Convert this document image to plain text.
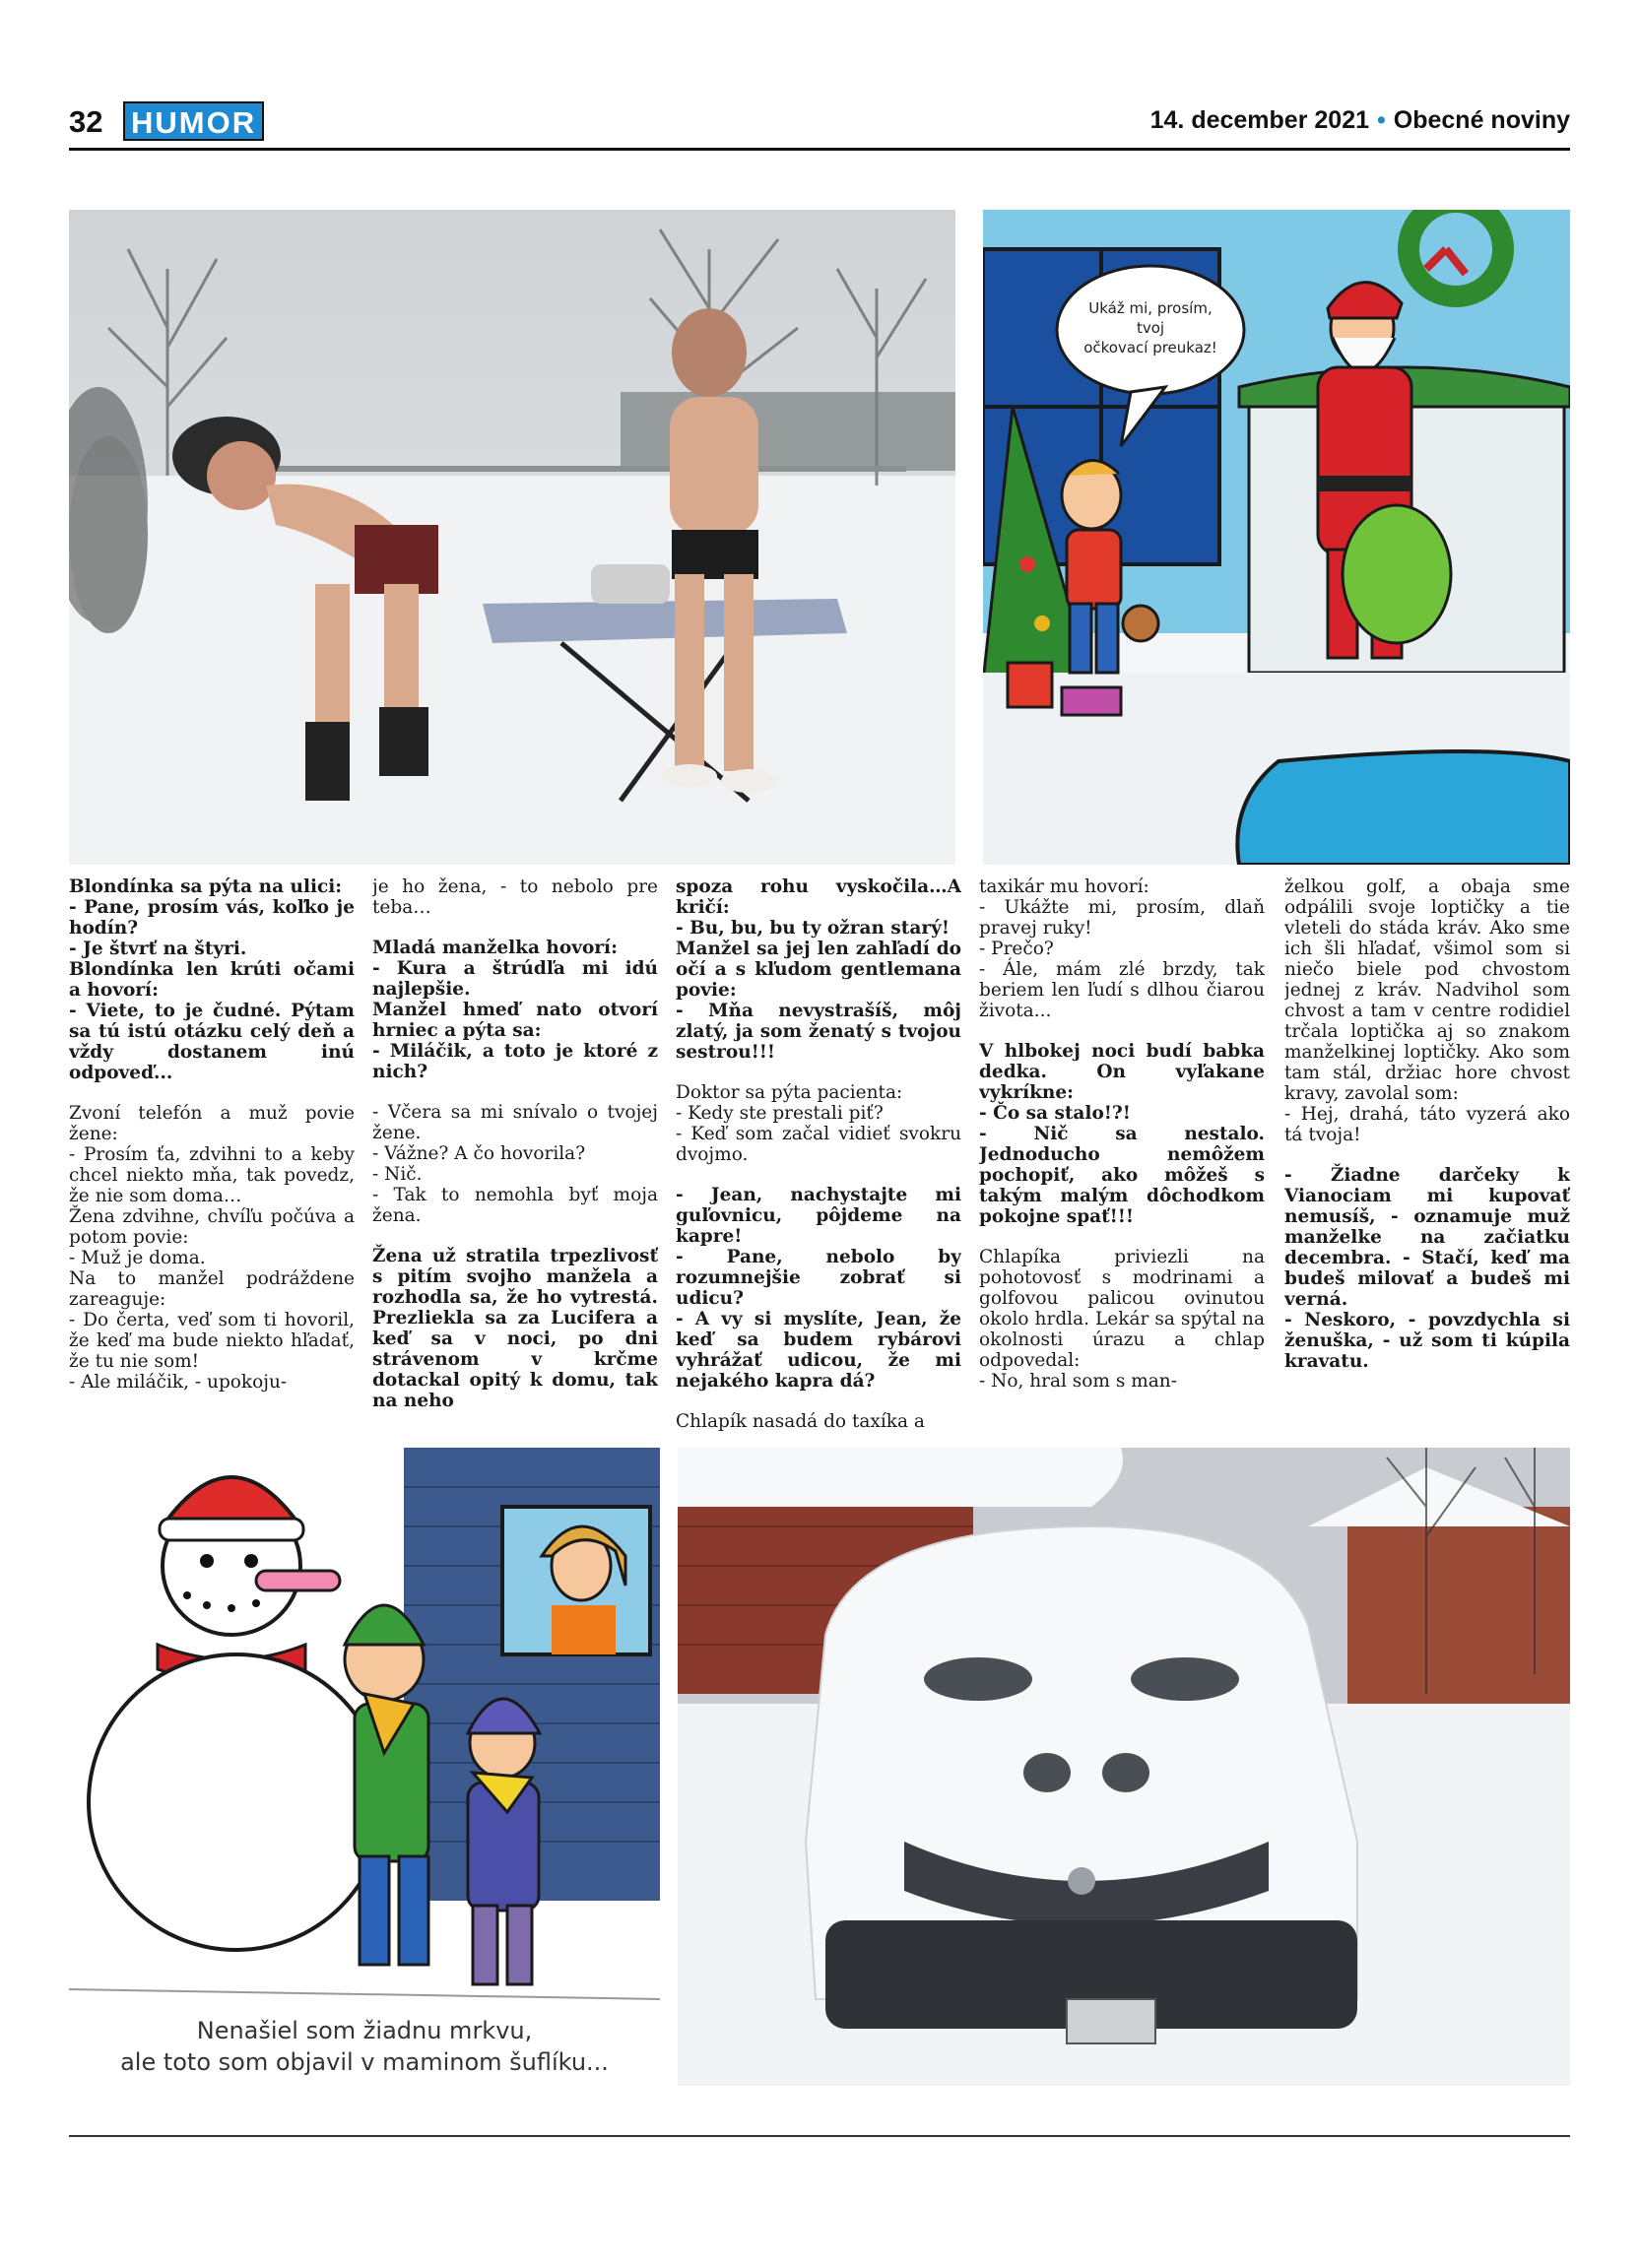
32 HUMOR	14. december 2021 • Obecné noviny
Ukáž mi, prosím,
tvoj
očkovací preukaz!

Blondínka sa pýta na ulici:
- Pane, prosím vás, koľko je hodín?
- Je štvrť na štyri.
Blondínka len krúti očami a hovorí:
- Viete, to je čudné. Pýtam sa tú istú otázku celý deň a vždy dostanem inú odpoveď...

Zvoní telefón a muž povie žene:
- Prosím ťa, zdvihni to a keby chcel niekto mňa, tak povedz, že nie som doma…
Žena zdvihne, chvíľu počúva a potom povie:
- Muž je doma.
Na to manžel podráždene zareaguje:
- Do čerta, veď som ti hovoril, že keď ma bude niekto hľadať, že tu nie som!
- Ale miláčik, - upokoju-

je ho žena, - to nebolo pre teba…

Mladá manželka hovorí:
- Kura a štrúdľa mi idú najlepšie.
Manžel hmeď nato otvorí hrniec a pýta sa:
- Miláčik, a toto je ktoré z nich?

- Včera sa mi snívalo o tvojej žene.
- Vážne? A čo hovorila?
- Nič.
- Tak to nemohla byť moja žena.

Žena už stratila trpezlivosť s pitím svojho manžela a rozhodla sa, že ho vytrestá. Prezliekla sa za Lucifera a keď sa v noci, po dni strávenom v krčme dotackal opitý k domu, tak na neho

spoza rohu vyskočila…A kričí:
- Bu, bu, bu ty ožran starý!
Manžel sa jej len zahľadí do očí a s kľudom gentlemana povie:
- Mňa nevystrašíš, môj zlatý, ja som ženatý s tvojou sestrou!!!

Doktor sa pýta pacienta:
- Kedy ste prestali piť?
- Keď som začal vidieť svokru dvojmo.

- Jean, nachystajte mi guľovnicu, pôjdeme na kapre!
- Pane, nebolo by rozumnejšie zobrať si udicu?
- A vy si myslíte, Jean, že keď sa budem rybárovi vyhrážať udicou, že mi nejakého kapra dá?

Chlapík nasadá do taxíka a

taxikár mu hovorí:
- Ukážte mi, prosím, dlaň pravej ruky!
- Prečo?
- Ále, mám zlé brzdy, tak beriem len ľudí s dlhou čiarou života...

V hlbokej noci budí babka dedka. On vyľakane vykríkne:
- Čo sa stalo!?!
- Nič sa nestalo. Jednoducho nemôžem pochopiť, ako môžeš s takým malým dôchodkom pokojne spať!!!

Chlapíka priviezli na pohotovosť s modrinami a golfovou palicou ovinutou okolo hrdla. Lekár sa spýtal na okolnosti úrazu a chlap odpovedal:
- No, hral som s man-

želkou golf, a obaja sme odpálili svoje loptičky a tie vleteli do stáda kráv. Ako sme ich šli hľadať, všimol som si niečo biele pod chvostom jednej z kráv. Nadvihol som chvost a tam v centre rodidiel trčala loptička aj so znakom manželkinej loptičky. Ako som tam stál, držiac hore chvost kravy, zavolal som:
- Hej, drahá, táto vyzerá ako tá tvoja!

- Žiadne darčeky k Vianociam mi kupovať nemusíš, - oznamuje muž manželke na začiatku decembra. - Stačí, keď ma budeš milovať a budeš mi verná.
- Neskoro, - povzdychla si ženuška, - už som ti kúpila kravatu.

Nenašiel som žiadnu mrkvu,
ale toto som objavil v maminom šuflíku...
